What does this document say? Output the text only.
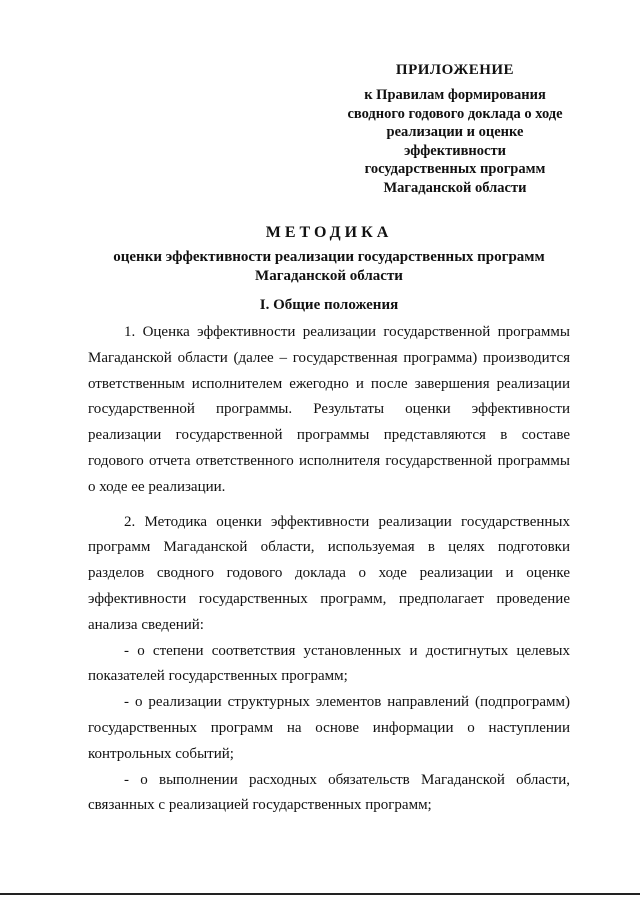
ПРИЛОЖЕНИЕ
к Правилам формирования
сводного годового доклада о ходе
реализации и оценке
эффективности
государственных программ
Магаданской области
МЕТОДИКА
оценки эффективности реализации государственных программ
Магаданской области
I. Общие положения

1. Оценка эффективности реализации государственной программы Магаданской области (далее – государственная программа) производится ответственным исполнителем ежегодно и после завершения реализации государственной программы. Результаты оценки эффективности реализации государственной программы представляются в составе годового отчета ответственного исполнителя государственной программы о ходе ее реализации.

2. Методика оценки эффективности реализации государственных программ Магаданской области, используемая в целях подготовки разделов сводного годового доклада о ходе реализации и оценке эффективности государственных программ, предполагает проведение анализа сведений:

- о степени соответствия установленных и достигнутых целевых показателей государственных программ;

- о реализации структурных элементов направлений (подпрограмм) государственных программ на основе информации о наступлении контрольных событий;

- о выполнении расходных обязательств Магаданской области, связанных с реализацией государственных программ;
